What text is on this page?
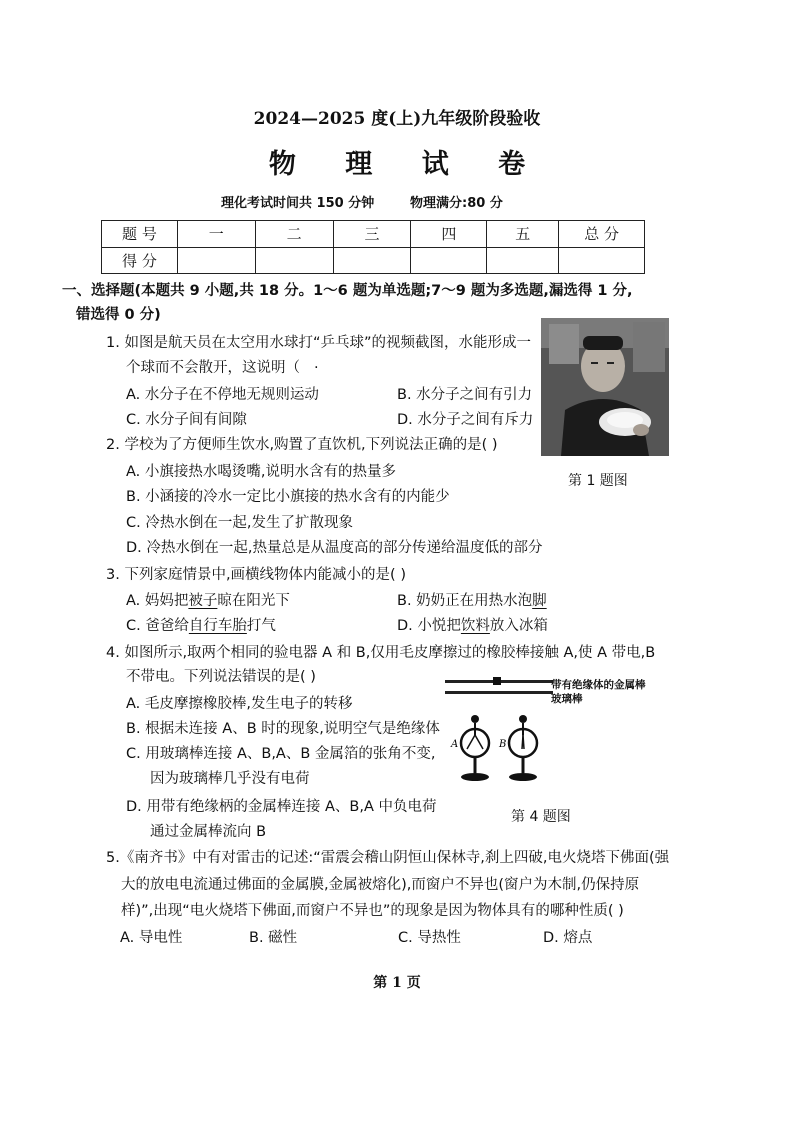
2024—2025 度(上)九年级阶段验收
物 理 试 卷
理化考试时间共 150 分钟	物理满分:80 分
题 号	一	二	三	四	五	总 分
得 分						
一、选择题(本题共 9 小题,共 18 分。1～6 题为单选题;7～9 题为多选题,漏选得 1 分,
错选得 0 分)
1. 如图是航天员在太空用水球打“乒乓球”的视频截图，水能形成一
个球而不会散开，这说明（ ·
A. 水分子在不停地无规则运动	B. 水分子之间有引力
C. 水分子间有间隙	D. 水分子之间有斥力
第 1 题图
2. 学校为了方便师生饮水,购置了直饮机,下列说法正确的是( )
A. 小旗接热水喝烫嘴,说明水含有的热量多
B. 小涵接的冷水一定比小旗接的热水含有的内能少
C. 冷热水倒在一起,发生了扩散现象
D. 冷热水倒在一起,热量总是从温度高的部分传递给温度低的部分
3. 下列家庭情景中,画横线物体内能减小的是( )
A. 妈妈把被子晾在阳光下	B. 奶奶正在用热水泡脚
C. 爸爸给自行车胎打气	D. 小悦把饮料放入冰箱
4. 如图所示,取两个相同的验电器 A 和 B,仅用毛皮摩擦过的橡胶棒接触 A,使 A 带电,B
不带电。下列说法错误的是( )
A. 毛皮摩擦橡胶棒,发生电子的转移
B. 根据未连接 A、B 时的现象,说明空气是绝缘体
C. 用玻璃棒连接 A、B,A、B 金属箔的张角不变,
因为玻璃棒几乎没有电荷
D. 用带有绝缘柄的金属棒连接 A、B,A 中负电荷
通过金属棒流向 B
A	B
带有绝缘体的金属棒
玻璃棒
第 4 题图
5.《南齐书》中有对雷击的记述:“雷震会稽山阴恒山保林寺,刹上四破,电火烧塔下佛面(强
大的放电电流通过佛面的金属膜,金属被熔化),而窗户不异也(窗户为木制,仍保持原
样)”,出现“电火烧塔下佛面,而窗户不异也”的现象是因为物体具有的哪种性质( )
A. 导电性	B. 磁性	C. 导热性	D. 熔点
第 1 页
